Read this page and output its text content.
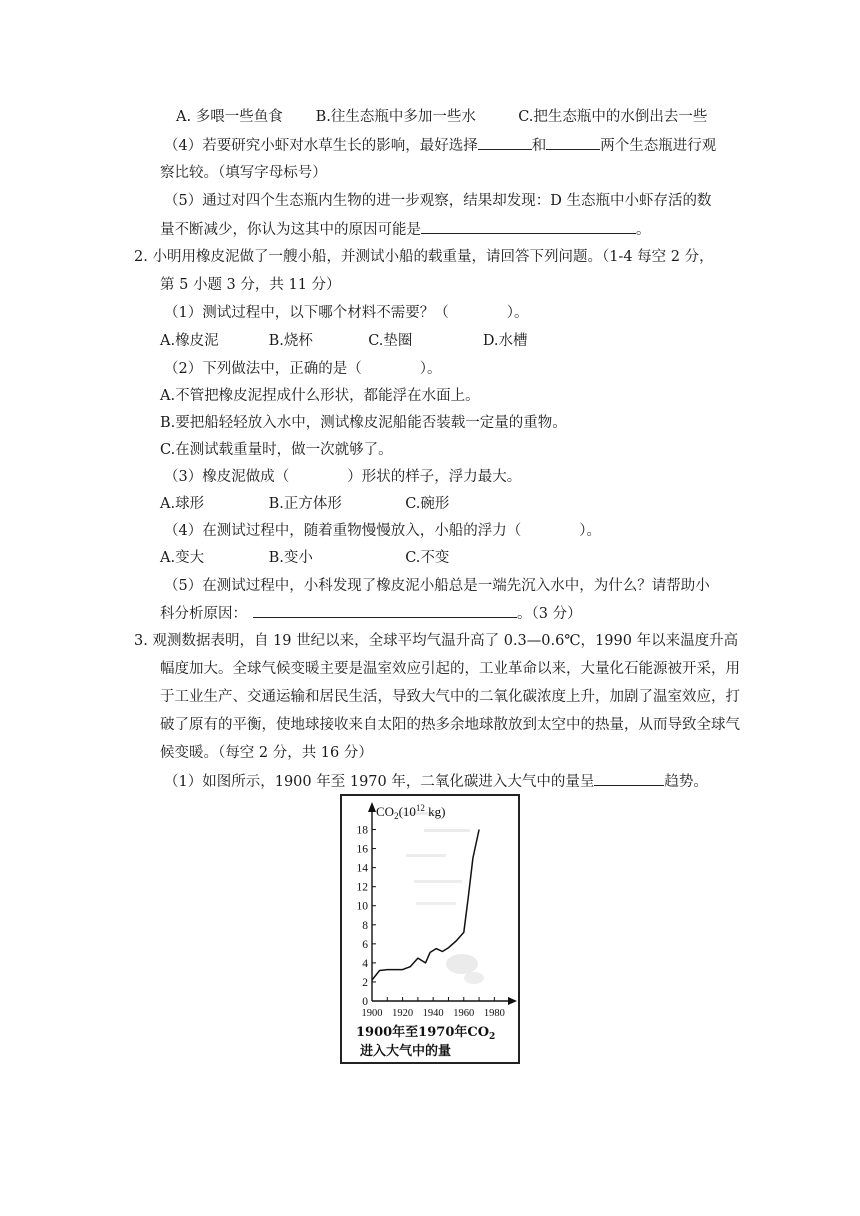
A. 多喂一些鱼食 B.往生态瓶中多加一些水	C.把生态瓶中的水倒出去一些
（4）若要研究小虾对水草生长的影响，最好选择	和	两个生态瓶进行观
察比较。（填写字母标号）
（5）通过对四个生态瓶内生物的进一步观察，结果却发现：D 生态瓶中小虾存活的数
量不断减少，你认为这其中的原因可能是	。
2. 小明用橡皮泥做了一艘小船，并测试小船的载重量，请回答下列问题。（1-4 每空 2 分，
第 5 小题 3 分，共 11 分）
（1）测试过程中，以下哪个材料不需要？（　　　　）。
A.橡皮泥	B.烧杯	C.垫圈	D.水槽
（2）下列做法中，正确的是（　　　　）。
A.不管把橡皮泥捏成什么形状，都能浮在水面上。
B.要把船轻轻放入水中，测试橡皮泥船能否装载一定量的重物。
C.在测试载重量时，做一次就够了。
（3）橡皮泥做成（　　　　）形状的样子，浮力最大。
A.球形	B.正方体形	C.碗形
（4）在测试过程中，随着重物慢慢放入，小船的浮力（　　　　）。
A.变大	B.变小	C.不变
（5）在测试过程中，小科发现了橡皮泥小船总是一端先沉入水中，为什么？请帮助小
科分析原因：	。（3 分）
3. 观测数据表明，自 19 世纪以来，全球平均气温升高了 0.3—0.6℃，1990 年以来温度升高
幅度加大。全球气候变暖主要是温室效应引起的，工业革命以来，大量化石能源被开采，用
于工业生产、交通运输和居民生活，导致大气中的二氧化碳浓度上升，加剧了温室效应，打
破了原有的平衡，使地球接收来自太阳的热多余地球散放到太空中的热量，从而导致全球气
候变暖。（每空 2 分，共 16 分）
（1）如图所示，1900 年至 1970 年，二氧化碳进入大气中的量呈	趋势。
$CO_2(10^{12}$ kg)
0
2
4
6
8
10
12
14
16
18
1900 1920 1940 1960 1980
1900年至1970年$CO_2$
进入大气中的量
